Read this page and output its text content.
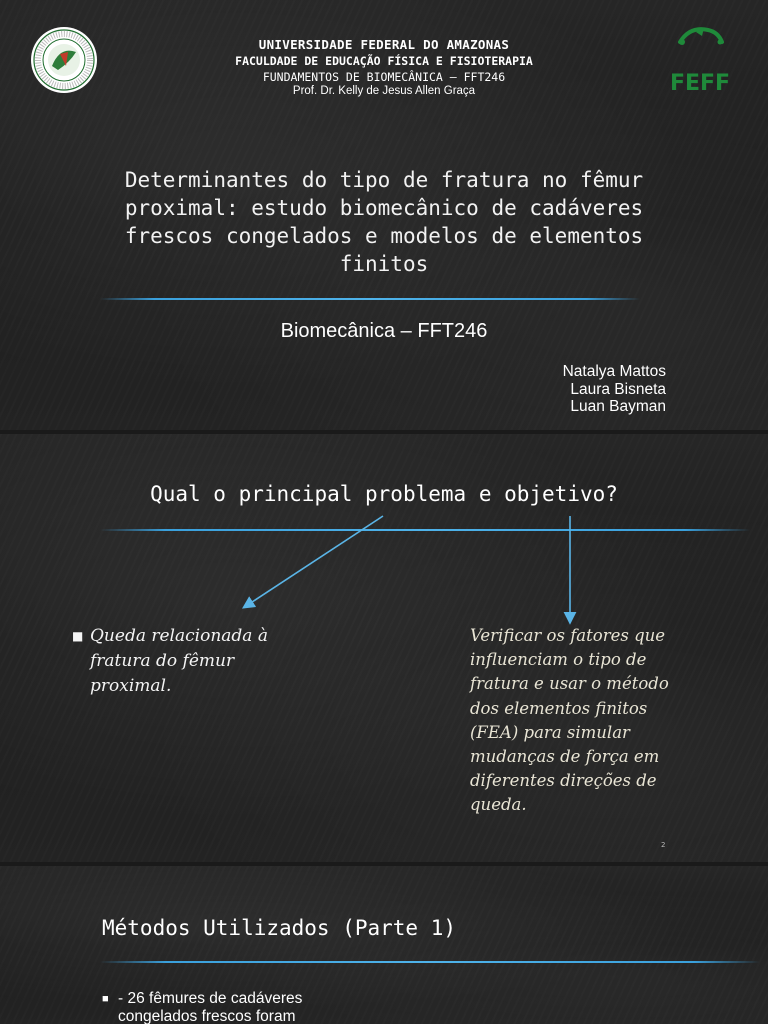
UNIVERSIDADE FEDERAL DO AMAZONAS
FACULDADE DE EDUCAÇÃO FÍSICA E FISIOTERAPIA
FUNDAMENTOS DE BIOMECÂNICA – FFT246
Prof. Dr. Kelly de Jesus Allen Graça	FEFF
Determinantes do tipo de fratura no fêmur proximal: estudo biomecânico de cadáveres frescos congelados e modelos de elementos finitos
Biomecânica – FFT246
Natalya Mattos
Laura Bisneta
Luan Bayman
Qual o principal problema e objetivo?
■ Queda relacionada à fratura do fêmur proximal.
Verificar os fatores que influenciam o tipo de fratura e usar o método dos elementos finitos (FEA) para simular mudanças de força em diferentes direções de queda.
2
Métodos Utilizados (Parte 1)
■ - 26 fêmures de cadáveres congelados frescos foram
